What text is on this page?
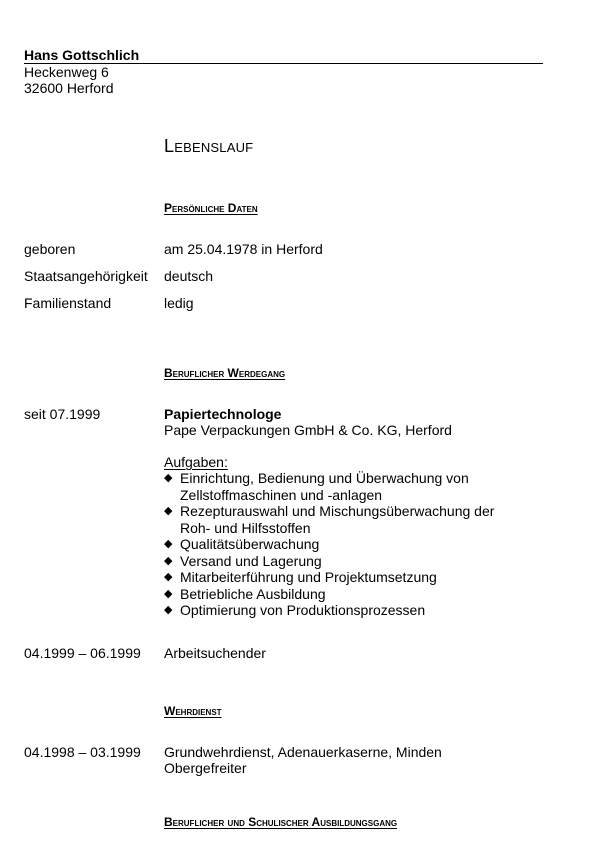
Hans Gottschlich
Heckenweg 6
32600 Herford
Lebenslauf
Persönliche Daten
geboren	am 25.04.1978 in Herford
Staatsangehörigkeit deutsch
Familienstand	ledig
Beruflicher Werdegang
seit 07.1999	Papiertechnologe
Pape Verpackungen GmbH & Co. KG, Herford
Aufgaben:
◆ Einrichtung, Bedienung und Überwachung von Zellstoffmaschinen und -anlagen
◆ Rezepturauswahl und Mischungsüberwachung der Roh- und Hilfsstoffen
◆ Qualitätsüberwachung
◆ Versand und Lagerung
◆ Mitarbeiterführung und Projektumsetzung
◆ Betriebliche Ausbildung
◆ Optimierung von Produktionsprozessen
04.1999 – 06.1999 Arbeitsuchender
Wehrdienst
04.1998 – 03.1999 Grundwehrdienst, Adenauerkaserne, Minden
Obergefreiter
Beruflicher und Schulischer Ausbildungsgang
